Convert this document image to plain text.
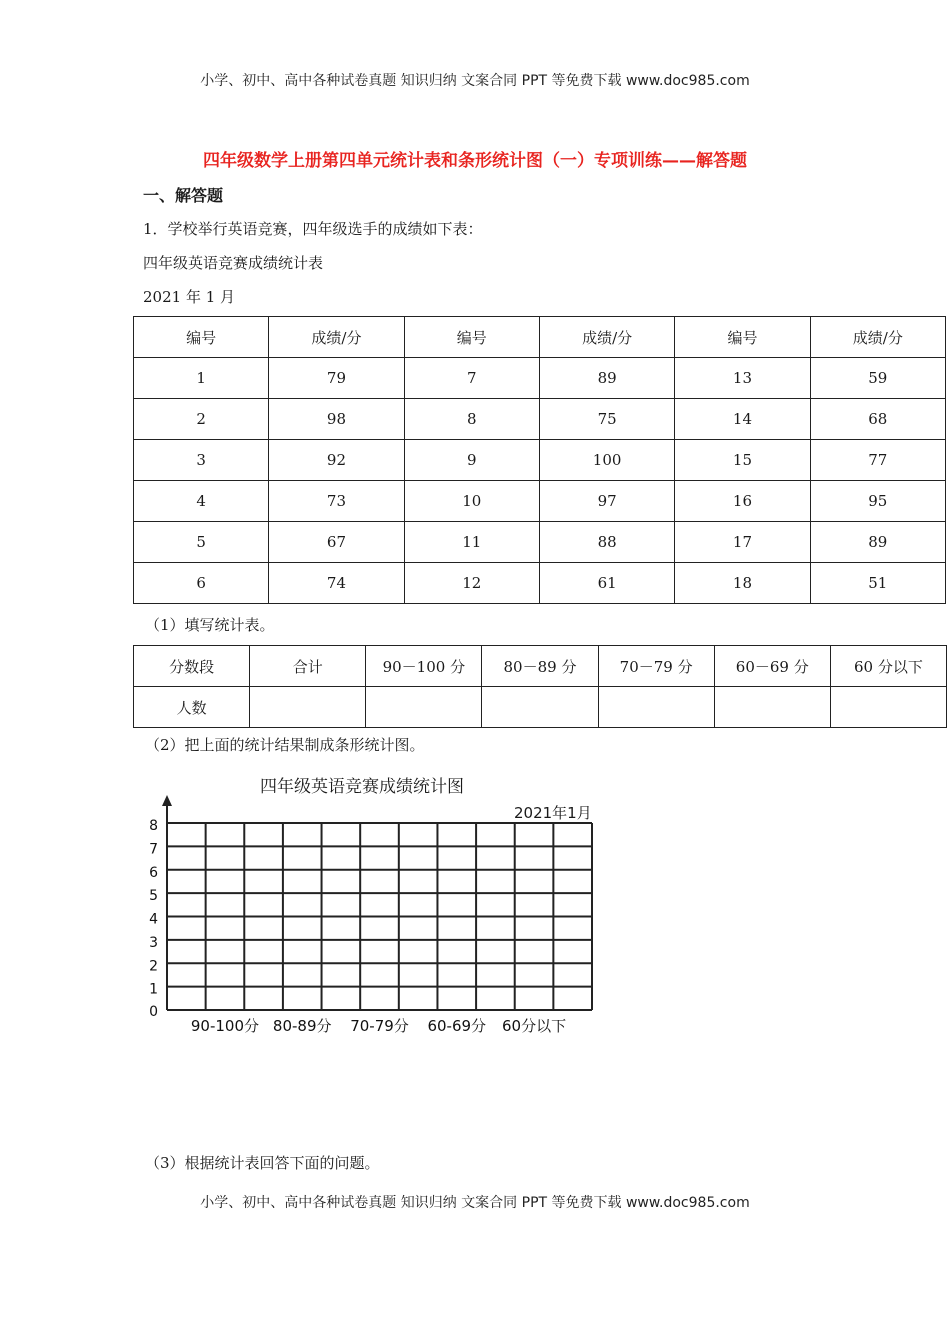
小学、初中、高中各种试卷真题 知识归纳 文案合同 PPT 等免费下载 www.doc985.com
四年级数学上册第四单元统计表和条形统计图（一）专项训练——解答题
一、解答题
1．学校举行英语竞赛，四年级选手的成绩如下表：
四年级英语竞赛成绩统计表
2021 年 1 月
编号	成绩/分	编号	成绩/分	编号	成绩/分
1	79	7	89	13	59
2	98	8	75	14	68
3	92	9	100	15	77
4	73	10	97	16	95
5	67	11	88	17	89
6	74	12	61	18	51
（1）填写统计表。
分数段	合计	90－100 分	80－89 分	70－79 分	60－69 分	60 分以下
人数						
（2）把上面的统计结果制成条形统计图。
四年级英语竞赛成绩统计图
2021年1月
0
1
2
3
4
5
6
7
8
90-100分 80-89分 70-79分 60-69分 60分以下
（3）根据统计表回答下面的问题。
小学、初中、高中各种试卷真题 知识归纳 文案合同 PPT 等免费下载 www.doc985.com
